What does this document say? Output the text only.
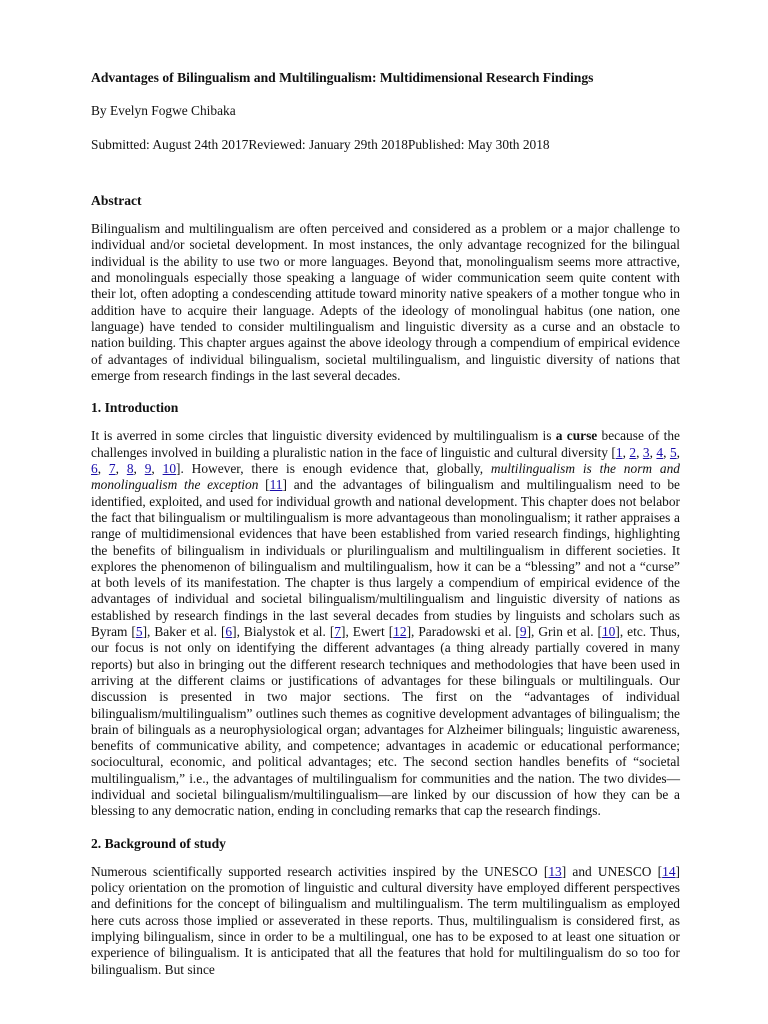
Advantages of Bilingualism and Multilingualism: Multidimensional Research Findings
By Evelyn Fogwe Chibaka
Submitted: August 24th 2017Reviewed: January 29th 2018Published: May 30th 2018
Abstract

Bilingualism and multilingualism are often perceived and considered as a problem or a major challenge to individual and/or societal development. In most instances, the only advantage recognized for the bilingual individual is the ability to use two or more languages. Beyond that, monolingualism seems more attractive, and monolinguals especially those speaking a language of wider communication seem quite content with their lot, often adopting a condescending attitude toward minority native speakers of a mother tongue who in addition have to acquire their language. Adepts of the ideology of monolingual habitus (one nation, one language) have tended to consider multilingualism and linguistic diversity as a curse and an obstacle to nation building. This chapter argues against the above ideology through a compendium of empirical evidence of advantages of individual bilingualism, societal multilingualism, and linguistic diversity of nations that emerge from research findings in the last several decades.

1. Introduction

It is averred in some circles that linguistic diversity evidenced by multilingualism is a curse because of the challenges involved in building a pluralistic nation in the face of linguistic and cultural diversity [1, 2, 3, 4, 5, 6, 7, 8, 9, 10]. However, there is enough evidence that, globally, multilingualism is the norm and monolingualism the exception [11] and the advantages of bilingualism and multilingualism need to be identified, exploited, and used for individual growth and national development. This chapter does not belabor the fact that bilingualism or multilingualism is more advantageous than monolingualism; it rather appraises a range of multidimensional evidences that have been established from varied research findings, highlighting the benefits of bilingualism in individuals or plurilingualism and multilingualism in different societies. It explores the phenomenon of bilingualism and multilingualism, how it can be a “blessing” and not a “curse” at both levels of its manifestation. The chapter is thus largely a compendium of empirical evidence of the advantages of individual and societal bilingualism/multilingualism and linguistic diversity of nations as established by research findings in the last several decades from studies by linguists and scholars such as Byram [5], Baker et al. [6], Bialystok et al. [7], Ewert [12], Paradowski et al. [9], Grin et al. [10], etc. Thus, our focus is not only on identifying the different advantages (a thing already partially covered in many reports) but also in bringing out the different research techniques and methodologies that have been used in arriving at the different claims or justifications of advantages for these bilinguals or multilinguals. Our discussion is presented in two major sections. The first on the “advantages of individual bilingualism/multilingualism” outlines such themes as cognitive development advantages of bilingualism; the brain of bilinguals as a neurophysiological organ; advantages for Alzheimer bilinguals; linguistic awareness, benefits of communicative ability, and competence; advantages in academic or educational performance; sociocultural, economic, and political advantages; etc. The second section handles benefits of “societal multilingualism,” i.e., the advantages of multilingualism for communities and the nation. The two divides—individual and societal bilingualism/multilingualism—are linked by our discussion of how they can be a blessing to any democratic nation, ending in concluding remarks that cap the research findings.

2. Background of study

Numerous scientifically supported research activities inspired by the UNESCO [13] and UNESCO [14] policy orientation on the promotion of linguistic and cultural diversity have employed different perspectives and definitions for the concept of bilingualism and multilingualism. The term multilingualism as employed here cuts across those implied or asseverated in these reports. Thus, multilingualism is considered first, as implying bilingualism, since in order to be a multilingual, one has to be exposed to at least one situation or experience of bilingualism. It is anticipated that all the features that hold for multilingualism do so too for bilingualism. But since
